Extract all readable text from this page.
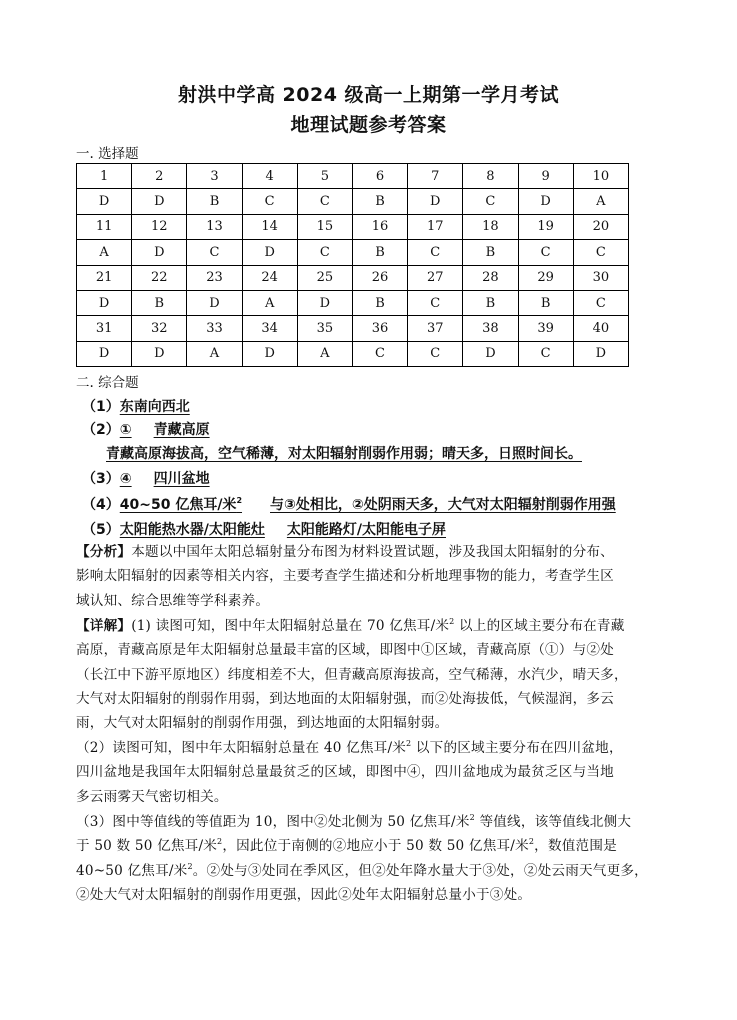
射洪中学高 2024 级高一上期第一学月考试
地理试题参考答案
一. 选择题
1	2	3	4	5	6	7	8	9	10
D	D	B	C	C	B	D	C	D	A
11	12	13	14	15	16	17	18	19	20
A	D	C	D	C	B	C	B	C	C
21	22	23	24	25	26	27	28	29	30
D	B	D	A	D	B	C	B	B	C
31	32	33	34	35	36	37	38	39	40
D	D	A	D	A	C	C	D	C	D
二. 综合题
（1）东南向西北
（2）① 青藏高原
青藏高原海拔高，空气稀薄，对太阳辐射削弱作用弱；晴天多，日照时间长。
（3）④ 四川盆地
（4）40~50 亿焦耳/米$^2$ 与③处相比，②处阴雨天多，大气对太阳辐射削弱作用强
（5）太阳能热水器/太阳能灶 太阳能路灯/太阳能电子屏
【分析】本题以中国年太阳总辐射量分布图为材料设置试题，涉及我国太阳辐射的分布、
影响太阳辐射的因素等相关内容，主要考查学生描述和分析地理事物的能力，考查学生区
域认知、综合思维等学科素养。
【详解】(1) 读图可知，图中年太阳辐射总量在 70 亿焦耳/米$^2$ 以上的区域主要分布在青藏
高原，青藏高原是年太阳辐射总量最丰富的区域，即图中①区域，青藏高原（①）与②处
（长江中下游平原地区）纬度相差不大，但青藏高原海拔高，空气稀薄，水汽少，晴天多，
大气对太阳辐射的削弱作用弱，到达地面的太阳辐射强，而②处海拔低，气候湿润，多云
雨，大气对太阳辐射的削弱作用强，到达地面的太阳辐射弱。
（2）读图可知，图中年太阳辐射总量在 40 亿焦耳/米$^2$ 以下的区域主要分布在四川盆地，
四川盆地是我国年太阳辐射总量最贫乏的区域，即图中④，四川盆地成为最贫乏区与当地
多云雨雾天气密切相关。
（3）图中等值线的等值距为 10，图中②处北侧为 50 亿焦耳/米$^2$ 等值线，该等值线北侧大
于 50 数 50 亿焦耳/米$^2$，因此位于南侧的②地应小于 50 数 50 亿焦耳/米$^2$，数值范围是
40~50 亿焦耳/米$^2$。②处与③处同在季风区，但②处年降水量大于③处，②处云雨天气更多，
②处大气对太阳辐射的削弱作用更强，因此②处年太阳辐射总量小于③处。
